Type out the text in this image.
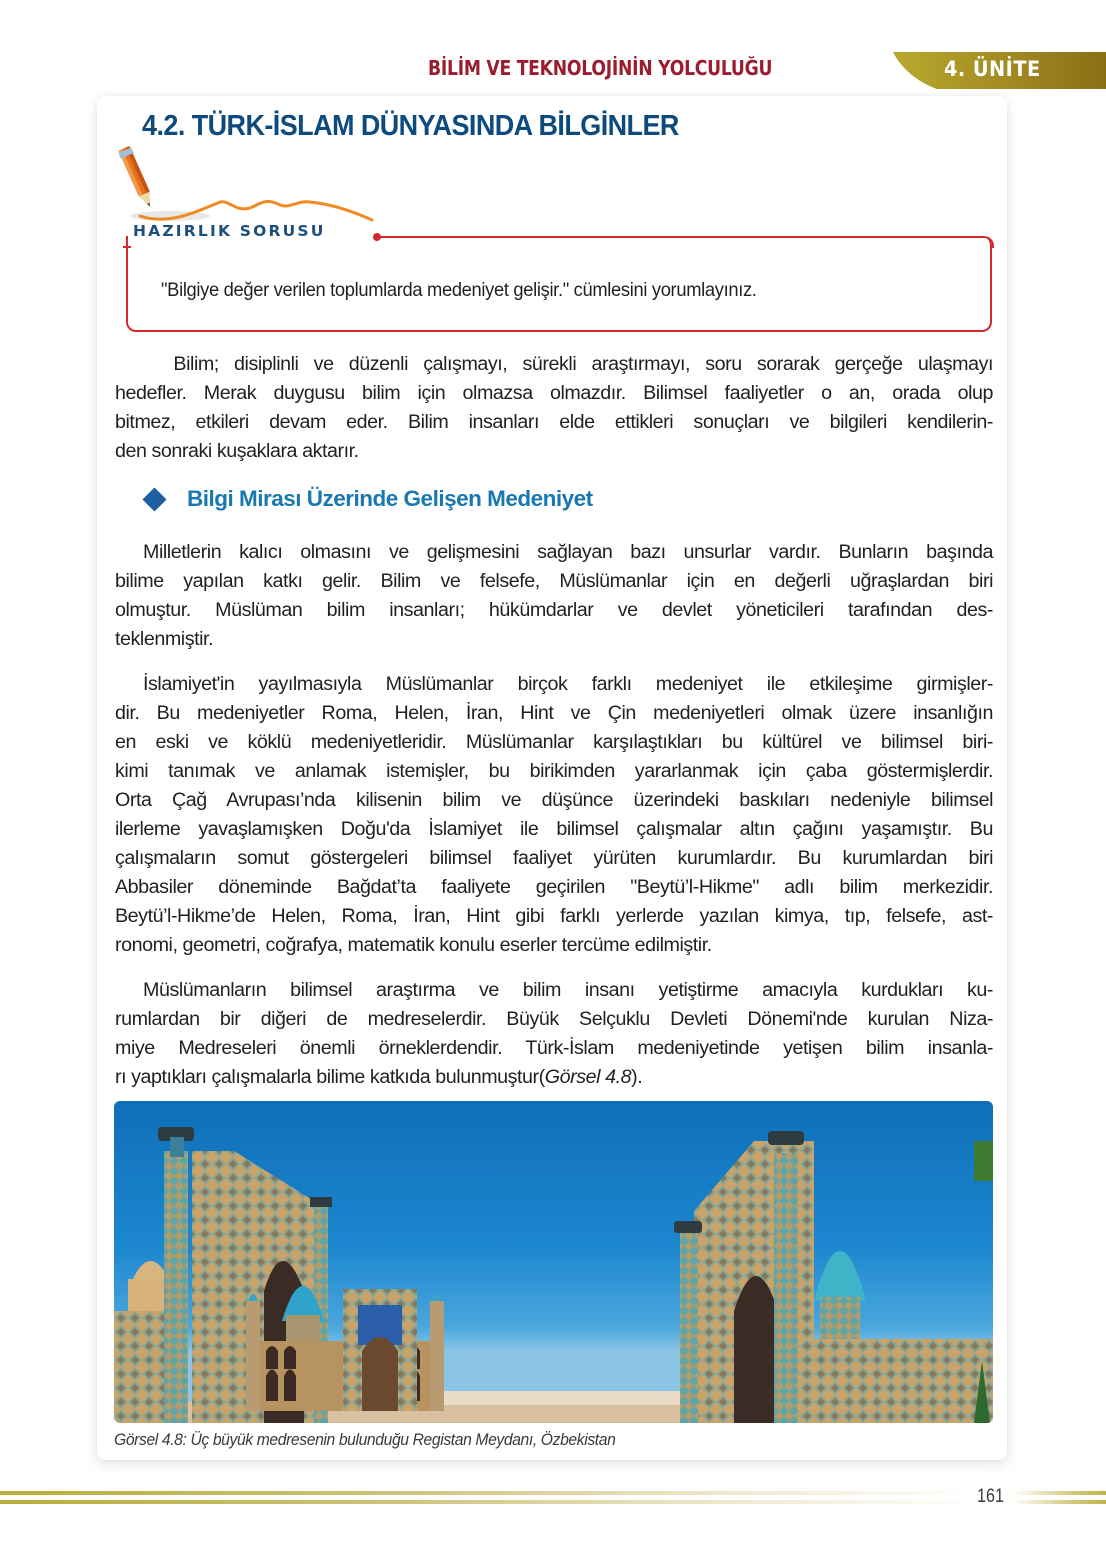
BİLİM VE TEKNOLOJİNİN YOLCULUĞU	4. ÜNİTE
4.2. TÜRK-İSLAM DÜNYASINDA BİLGİNLER
HAZIRLIK SORUSU
"Bilgiye değer verilen toplumlarda medeniyet gelişir." cümlesini yorumlayınız.
Bilim; disiplinli ve düzenli çalışmayı, sürekli araştırmayı, soru sorarak gerçeğe ulaşmayı
hedefler. Merak duygusu bilim için olmazsa olmazdır. Bilimsel faaliyetler o an, orada olup
bitmez, etkileri devam eder. Bilim insanları elde ettikleri sonuçları ve bilgileri kendilerin-
den sonraki kuşaklara aktarır.
Bilgi Mirası Üzerinde Gelişen Medeniyet
Milletlerin kalıcı olmasını ve gelişmesini sağlayan bazı unsurlar vardır. Bunların başında
bilime yapılan katkı gelir. Bilim ve felsefe, Müslümanlar için en değerli uğraşlardan biri
olmuştur. Müslüman bilim insanları; hükümdarlar ve devlet yöneticileri tarafından des-
teklenmiştir.
İslamiyet'in yayılmasıyla Müslümanlar birçok farklı medeniyet ile etkileşime girmişler-
dir. Bu medeniyetler Roma, Helen, İran, Hint ve Çin medeniyetleri olmak üzere insanlığın
en eski ve köklü medeniyetleridir. Müslümanlar karşılaştıkları bu kültürel ve bilimsel biri-
kimi tanımak ve anlamak istemişler, bu birikimden yararlanmak için çaba göstermişlerdir.
Orta Çağ Avrupası’nda kilisenin bilim ve düşünce üzerindeki baskıları nedeniyle bilimsel
ilerleme yavaşlamışken Doğu'da İslamiyet ile bilimsel çalışmalar altın çağını yaşamıştır. Bu
çalışmaların somut göstergeleri bilimsel faaliyet yürüten kurumlardır. Bu kurumlardan biri
Abbasiler döneminde Bağdat’ta faaliyete geçirilen "Beytü’l-Hikme" adlı bilim merkezidir.
Beytü’l-Hikme’de Helen, Roma, İran, Hint gibi farklı yerlerde yazılan kimya, tıp, felsefe, ast-
ronomi, geometri, coğrafya, matematik konulu eserler tercüme edilmiştir.
Müslümanların bilimsel araştırma ve bilim insanı yetiştirme amacıyla kurdukları ku-
rumlardan bir diğeri de medreselerdir. Büyük Selçuklu Devleti Dönemi'nde kurulan Niza-
miye Medreseleri önemli örneklerdendir. Türk-İslam medeniyetinde yetişen bilim insanla-
rı yaptıkları çalışmalarla bilime katkıda bulunmuştur(Görsel 4.8).
Görsel 4.8: Üç büyük medresenin bulunduğu Registan Meydanı, Özbekistan
161
